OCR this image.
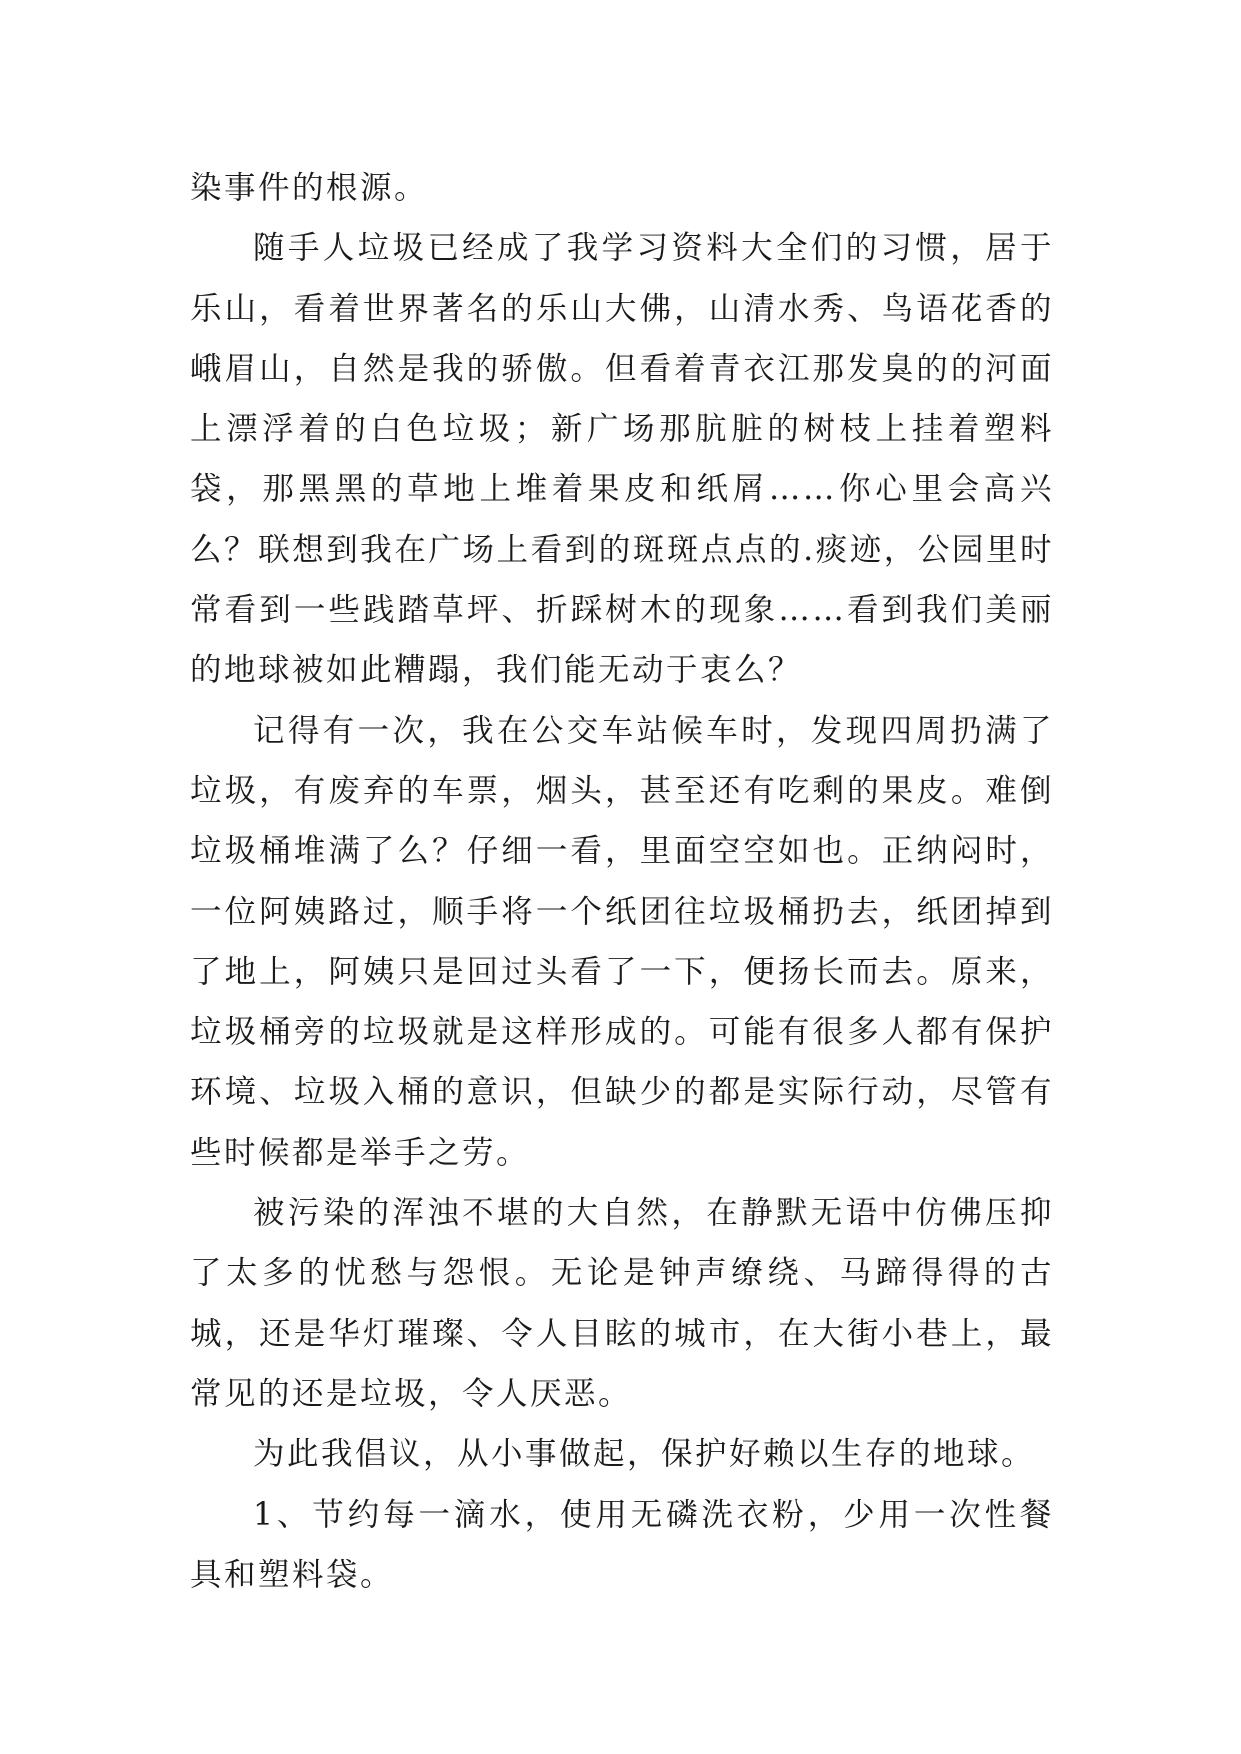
染事件的根源。

随手人垃圾已经成了我学习资料大全们的习惯，居于乐山，看着世界著名的乐山大佛，山清水秀、鸟语花香的峨眉山，自然是我的骄傲。但看着青衣江那发臭的的河面上漂浮着的白色垃圾；新广场那肮脏的树枝上挂着塑料袋，那黑黑的草地上堆着果皮和纸屑……你心里会高兴么？联想到我在广场上看到的斑斑点点的.痰迹，公园里时常看到一些践踏草坪、折踩树木的现象……看到我们美丽的地球被如此糟蹋，我们能无动于衷么？

记得有一次，我在公交车站候车时，发现四周扔满了垃圾，有废弃的车票，烟头，甚至还有吃剩的果皮。难倒垃圾桶堆满了么？仔细一看，里面空空如也。正纳闷时，一位阿姨路过，顺手将一个纸团往垃圾桶扔去，纸团掉到了地上，阿姨只是回过头看了一下，便扬长而去。原来，垃圾桶旁的垃圾就是这样形成的。可能有很多人都有保护环境、垃圾入桶的意识，但缺少的都是实际行动，尽管有些时候都是举手之劳。

被污染的浑浊不堪的大自然，在静默无语中仿佛压抑了太多的忧愁与怨恨。无论是钟声缭绕、马蹄得得的古城，还是华灯璀璨、令人目眩的城市，在大街小巷上，最常见的还是垃圾，令人厌恶。

为此我倡议，从小事做起，保护好赖以生存的地球。

1、节约每一滴水，使用无磷洗衣粉，少用一次性餐具和塑料袋。
